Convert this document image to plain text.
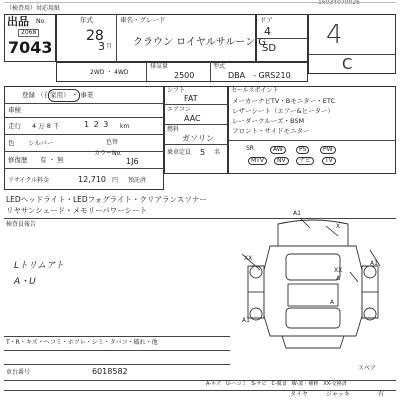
16034070026
（検査用）対応用紙
出品 No.
2068
7043
年式
28
3 月
車名・グレード
クラウン ロイヤルサルーン G
ドア
4
SD 4
C
2WD ・ 4WD
排気量
2500
型式
DBA　- GRS210
登録 （自家用） ・ 事業
車検
走行 4 万 8 千	1 2 3 km
色 シルバー	色替
修復歴 有 ・ 無
カラーNo.
1J6
リサイクル料金	12,710 円 預託済
シフト
FAT
エアコン
AAC
燃料
ガソリン
乗車定員 5 名
セールスポイント
メーカーナビTV・Bモニター・ETC
レザーシート（エアー&ヒーター）
レーダークルーズ・BSM
フロント・サイドモニター
SR	AW	PS	PW
MTV	NV	ナビ	TV
LEDヘッドライト・LEDフォグライト・クリアランスソナー
リヤサンシェード・メモリーパワーシート
検査員報告
Lトリムアト
A・U
A1
X
A1
XX
A
XX
A
A1
スペア
T・R・キズ・ヘコミ・ホツレ・シミ・タバコ・破れ・他
車台番号	6018582
A-キズ　U-ヘコミ　S-サビ　C-腐食　W-波・補修　XX-交換済
タイヤ	ジャッキ	有
